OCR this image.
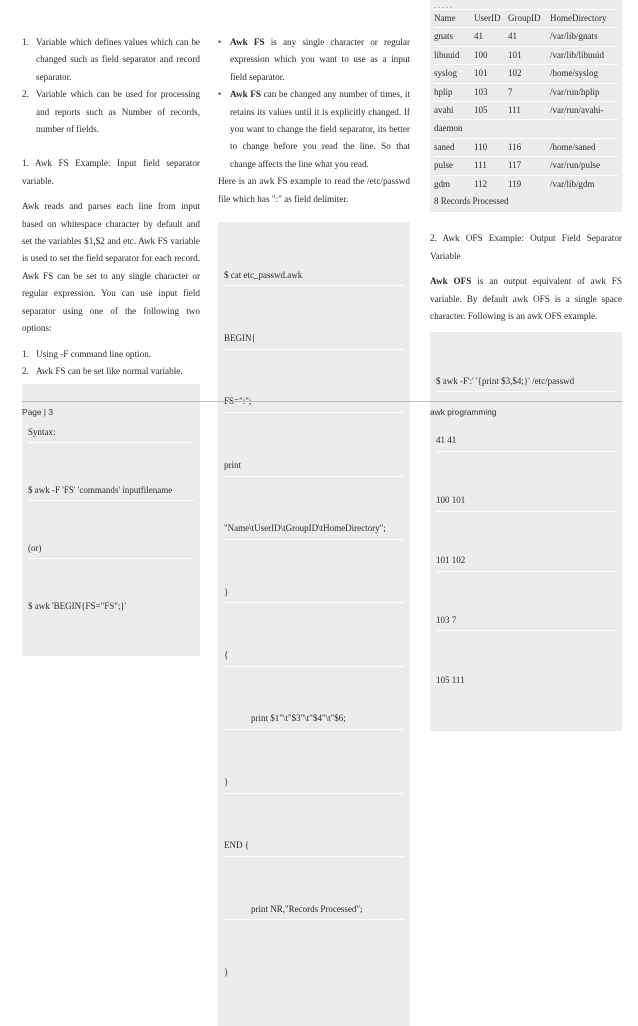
1. Variable which defines values which can be changed such as field separator and record separator.
2. Variable which can be used for processing and reports such as Number of records, number of fields.

1. Awk FS Example: Input field separator variable.

Awk reads and parses each line from input based on whitespace character by default and set the variables $1,$2 and etc. Awk FS variable is used to set the field separator for each record. Awk FS can be set to any single character or regular expression. You can use input field separator using one of the following two options:

1. Using -F command line option.
2. Awk FS can be set like normal variable.

Syntax:

$ awk -F 'FS' 'commands' inputfilename

(or)

$ awk 'BEGIN{FS="FS";}'

• Awk FS is any single character or regular expression which you want to use as a input field separator.
• Awk FS can be changed any number of times, it retains its values until it is explicitly changed. If you want to change the field separator, its better to change before you read the line. So that change affects the line what you read.

Here is an awk FS example to read the /etc/passwd file which has ":" as field delimiter.

$ cat etc_passwd.awk

BEGIN{

FS=":";

print

"Name\tUserID\tGroupID\tHomeDirectory";

}

{

print $1"\t"$3"\t"$4"\t"$6;

}

END {

print NR,"Records Processed";

}

. . . . .
Name	UserID GroupID	HomeDirectory
gnats	41	41	/var/lib/gnats
libuuid	100	101	/var/lib/libuuid
syslog	101	102	/home/syslog
hplip	103	7	/var/run/hplip
avahi	105	111	/var/run/avahi-
daemon
saned	110	116	/home/saned
pulse	111	117	/var/run/pulse
gdm	112	119	/var/lib/gdm
8 Records Processed

2. Awk OFS Example: Output Field Separator Variable

Awk OFS is an output equivalent of awk FS variable. By default awk OFS is a single space character. Following is an awk OFS example.

$ awk -F':' '{print $3,$4;}' /etc/passwd

41 41

100 101

101 102

103 7

105 111

Page | 3	awk programming
